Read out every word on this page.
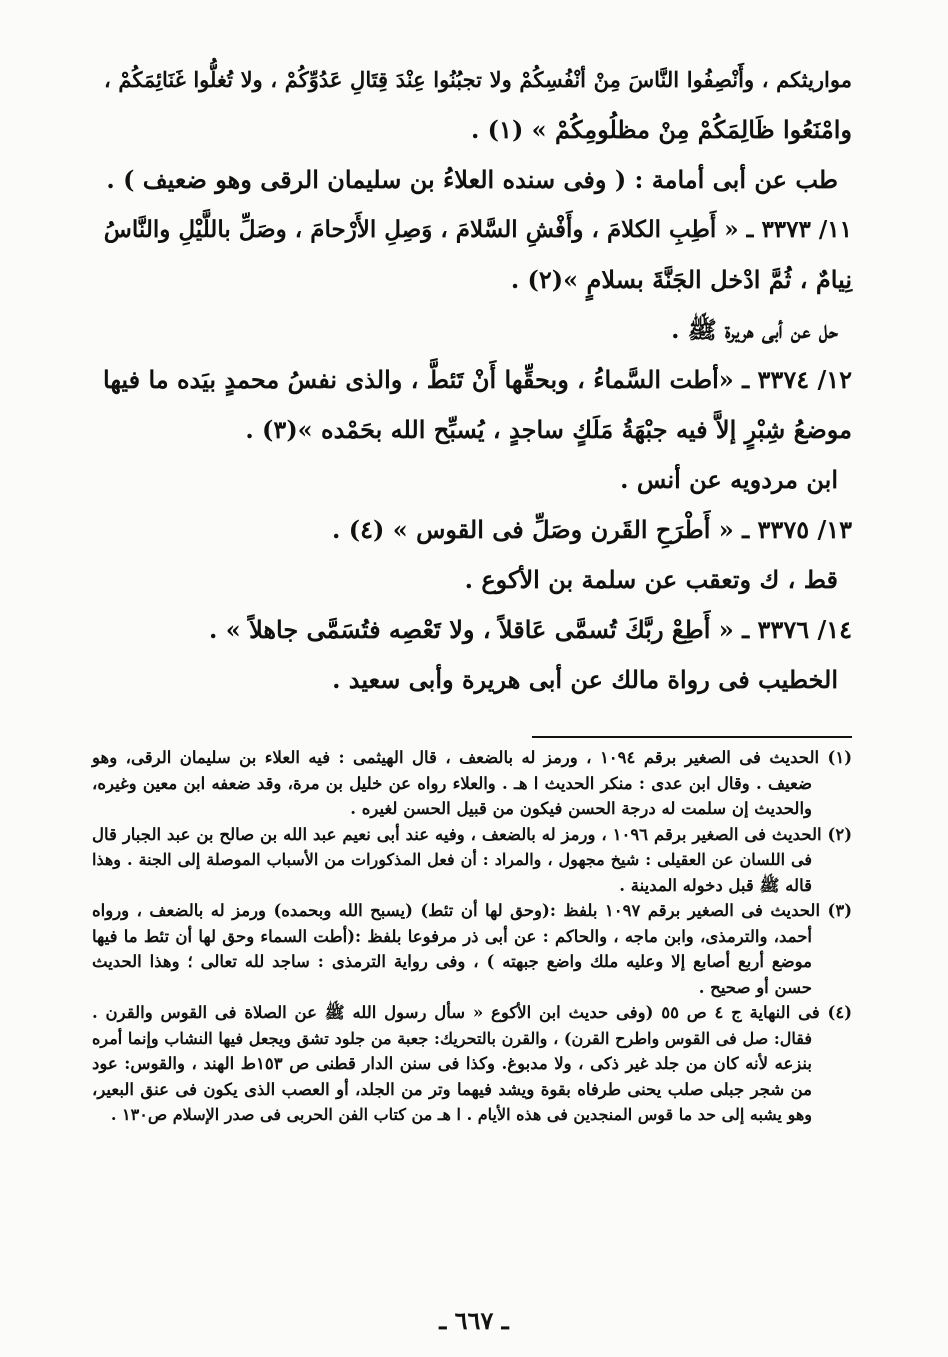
مواريثكم ، وأَنْصِفُوا النَّاسَ مِنْ أنْفُسِكُمْ ولا تجبُنُوا عِنْدَ قِتَالِ عَدُوِّكُمْ ، ولا تُغلُّوا غَنَائِمَكُمْ ،
وامْنَعُوا ظَالِمَكُمْ مِنْ مظلُومِكُمْ » (١) .
طب عن أبى أمامة : ( وفى سنده العلاءُ بن سليمان الرقى وهو ضعيف ) .
١١/ ٣٣٧٣ ـ « أَطِبِ الكلامَ ، وأَفْشِ السَّلامَ ، وَصِلِ الأَرْحامَ ، وصَلِّ باللَّيْلِ والنَّاسُ
نِيامٌ ، ثُمَّ ادْخل الجَنَّةَ بسلامٍ »(٢) .
حل عن أبى هريرة ﷺ .
١٢/ ٣٣٧٤ ـ «أطت السَّماءُ ، وبحقِّها أَنْ تَئطَّ ، والذى نفسُ محمدٍ بيَده ما فيها
موضعُ شِبْرٍ إلاَّ فيه جبْهَةُ مَلَكٍ ساجدٍ ، يُسبِّح الله بحَمْده »(٣) .
ابن مردويه عن أنس .
١٣/ ٣٣٧٥ ـ « أَطْرَحِ القَرن وصَلِّ فى القوس » (٤) .
قط ، ك وتعقب عن سلمة بن الأكوع .
١٤/ ٣٣٧٦ ـ « أَطِعْ ربَّكَ تُسمَّى عَاقلاً ، ولا تَعْصِه فتُسَمَّى جاهلاً » .
الخطيب فى رواة مالك عن أبى هريرة وأبى سعيد .
(١) الحديث فى الصغير برقم ١٠٩٤ ، ورمز له بالضعف ، قال الهيثمى : فيه العلاء بن سليمان الرقى، وهو
ضعيف . وقال ابن عدى : منكر الحديث ا هـ . والعلاء رواه عن خليل بن مرة، وقد ضعفه ابن معين وغيره،
والحديث إن سلمت له درجة الحسن فيكون من قبيل الحسن لغيره .
(٢) الحديث فى الصغير برقم ١٠٩٦ ، ورمز له بالضعف ، وفيه عند أبى نعيم عبد الله بن صالح بن عبد الجبار قال
فى اللسان عن العقيلى : شيخ مجهول ، والمراد : أن فعل المذكورات من الأسباب الموصلة إلى الجنة . وهذا
قاله ﷺ قبل دخوله المدينة .
(٣) الحديث فى الصغير برقم ١٠٩٧ بلفظ :(وحق لها أن تئط) (يسبح الله وبحمده) ورمز له بالضعف ، ورواه
أحمد، والترمذى، وابن ماجه ، والحاكم : عن أبى ذر مرفوعا بلفظ :(أطت السماء وحق لها أن تئط ما فيها
موضع أربع أصابع إلا وعليه ملك واضع جبهته ) ، وفى رواية الترمذى : ساجد لله تعالى ؛ وهذا الحديث
حسن أو صحيح .
(٤) فى النهاية ج ٤ ص ٥٥ (وفى حديث ابن الأكوع « سأل رسول الله ﷺ عن الصلاة فى القوس والقرن .
فقال: صل فى القوس واطرح القرن) ، والقرن بالتحريك: جعبة من جلود تشق ويجعل فيها النشاب وإنما أمره
بنزعه لأنه كان من جلد غير ذكى ، ولا مدبوغ. وكذا فى سنن الدار قطنى ص ١٥٣ط الهند ، والقوس: عود
من شجر جبلى صلب يحنى طرفاه بقوة ويشد فيهما وتر من الجلد، أو العصب الذى يكون فى عنق البعير،
وهو يشبه إلى حد ما قوس المنجدين فى هذه الأيام . ا هـ من كتاب الفن الحربى فى صدر الإسلام ص١٣٠ .
ـ ٦٦٧ ـ
